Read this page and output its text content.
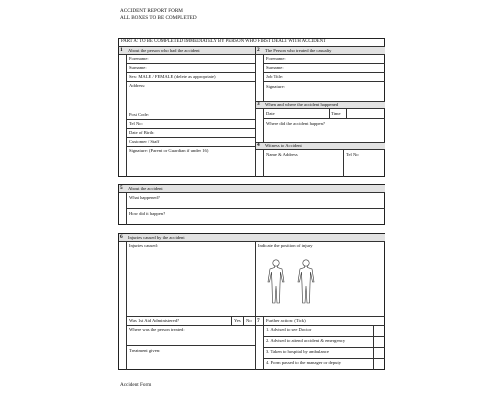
ACCIDENT REPORT FORM
ALL BOXES TO BE COMPLETED
PART A: TO BE COMPLETED IMMEDIATELY BY PERSON WHO FIRST DEALT WITH ACCIDENT
1 About the person who had the accident
Forename:
Surname:
Sex: MALE / FEMALE (delete as appropriate)
Address:
Post Code:
Tel No:
Date of Birth:
Customer / Staff
Signature: (Parent or Guardian if under 16)
2 The Person who treated the casualty
Forename:
Surname:
Job Title:
Signature:
3 When and where the accident happened
Date	Time
Where did the accident happen?
4 Witness to Accident
Name & Address	Tel No
5 About the accident
What happened?
How did it happen?
6 Injuries caused by the accident
Injuries caused:	Indicate the position of injury
Was 1st Aid Administered?	Yes No 7 Further action: (Tick)
Where was the person treated:
Treatment given:
1. Advised to see Doctor
2. Advised to attend accident & emergency
3. Taken to hospital by ambulance
4. Form passed to the manager or deputy
Accident Form
